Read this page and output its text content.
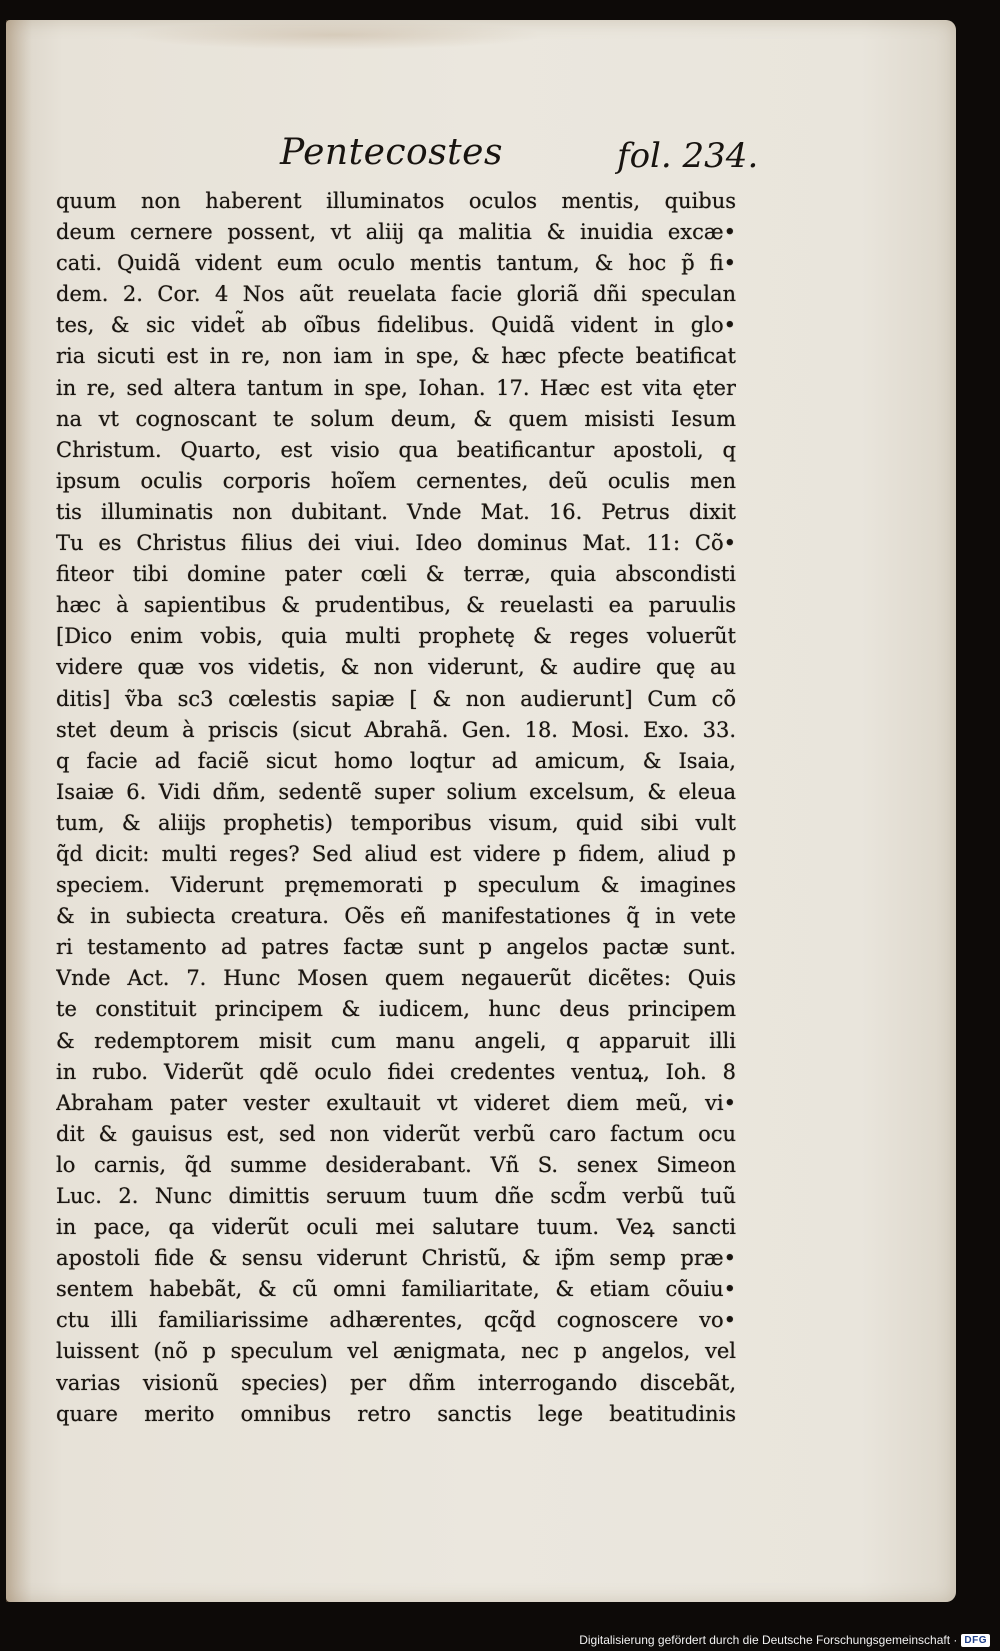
Pentecostes	fol. 234.
quum non haberent illuminatos oculos mentis, quibus
deum cernere possent, vt aliĳ qa malitia & inuidia excæ•
cati. Quidã vident eum oculo mentis tantum, & hoc p̃ fi•
dem. 2. Cor. 4 Nos aũt reuelata facie gloriã dñi speculan
tes, & sic videt̃ ab oĩbus fidelibus. Quidã vident in glo•
ria sicuti est in re, non iam in spe, & hæc pfecte beatificat
in re, sed altera tantum in spe, Iohan. 17. Hæc est vita ęter
na vt cognoscant te solum deum, & quem misisti Iesum
Christum. Quarto, est visio qua beatificantur apostoli, q
ipsum oculis corporis hoĩem cernentes, deũ oculis men
tis illuminatis non dubitant. Vnde Mat. 16. Petrus dixit
Tu es Christus filius dei viui. Ideo dominus Mat. 11: Cõ•
fiteor tibi domine pater cœli & terræ, quia abscondisti
hæc à sapientibus & prudentibus, & reuelasti ea paruulis
[Dico enim vobis, quia multi prophetę & reges voluerũt
videre quæ vos videtis, & non viderunt, & audire quę au
ditis] ṽba sc3 cœlestis sapiæ [ & non audierunt] Cum cõ
stet deum à priscis (sicut Abrahã. Gen. 18. Mosi. Exo. 33.
q facie ad faciẽ sicut homo loqtur ad amicum, & Isaia,
Isaiæ 6. Vidi dñm, sedentẽ super solium excelsum, & eleua
tum, & aliĳs prophetis) temporibus visum, quid sibi vult
q̃d dicit: multi reges? Sed aliud est videre p fidem, aliud p
speciem. Viderunt pręmemorati p speculum & imagines
& in subiecta creatura. Oẽs eñ manifestationes q̃ in vete
ri testamento ad patres factæ sunt p angelos pactæ sunt.
Vnde Act. 7. Hunc Mosen quem negauerũt dicẽtes: Quis
te constituit principem & iudicem, hunc deus principem
& redemptorem misit cum manu angeli, q apparuit illi
in rubo. Viderũt qdẽ oculo fidei credentes ventuꝝ, Ioh. 8
Abraham pater vester exultauit vt videret diem meũ, vi•
dit & gauisus est, sed non viderũt verbũ caro factum ocu
lo carnis, q̃d summe desiderabant. Vñ S. senex Simeon
Luc. 2. Nunc dimittis seruum tuum dñe scd̃m verbũ tuũ
in pace, qa viderũt oculi mei salutare tuum. Veꝝ sancti
apostoli fide & sensu viderunt Christũ, & ip̃m semp præ•
sentem habebãt, & cũ omni familiaritate, & etiam cõuiu•
ctu illi familiarissime adhærentes, qcq̃d cognoscere vo•
luissent (nõ p speculum vel ænigmata, nec p angelos, vel
varias visionũ species) per dñm interrogando discebãt,
quare merito omnibus retro sanctis lege beatitudinis
Digitalisierung gefördert durch die Deutsche Forschungsgemeinschaft · DFG
